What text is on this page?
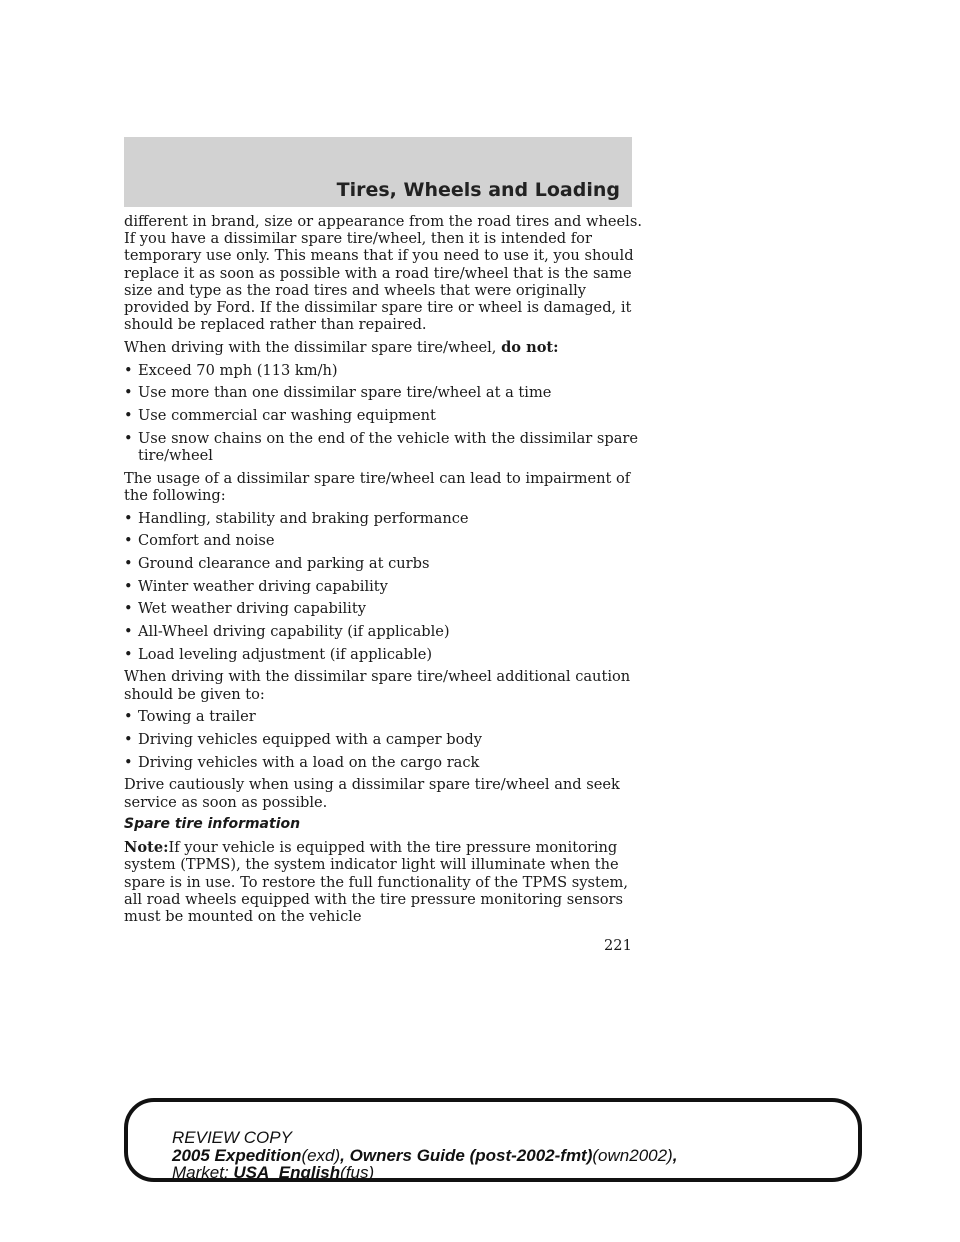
Tires, Wheels and Loading

different in brand, size or appearance from the road tires and wheels. If you have a dissimilar spare tire/wheel, then it is intended for temporary use only. This means that if you need to use it, you should replace it as soon as possible with a road tire/wheel that is the same size and type as the road tires and wheels that were originally provided by Ford. If the dissimilar spare tire or wheel is damaged, it should be replaced rather than repaired.

When driving with the dissimilar spare tire/wheel, do not:

• Exceed 70 mph (113 km/h)
• Use more than one dissimilar spare tire/wheel at a time
• Use commercial car washing equipment
• Use snow chains on the end of the vehicle with the dissimilar spare tire/wheel

The usage of a dissimilar spare tire/wheel can lead to impairment of the following:

• Handling, stability and braking performance
• Comfort and noise
• Ground clearance and parking at curbs
• Winter weather driving capability
• Wet weather driving capability
• All-Wheel driving capability (if applicable)
• Load leveling adjustment (if applicable)

When driving with the dissimilar spare tire/wheel additional caution should be given to:

• Towing a trailer
• Driving vehicles equipped with a camper body
• Driving vehicles with a load on the cargo rack

Drive cautiously when using a dissimilar spare tire/wheel and seek service as soon as possible.

Spare tire information

Note:If your vehicle is equipped with the tire pressure monitoring system (TPMS), the system indicator light will illuminate when the spare is in use. To restore the full functionality of the TPMS system, all road wheels equipped with the tire pressure monitoring sensors must be mounted on the vehicle

221
REVIEW COPY
2005 Expedition(exd), Owners Guide (post-2002-fmt)(own2002),
Market: USA_English(fus)
